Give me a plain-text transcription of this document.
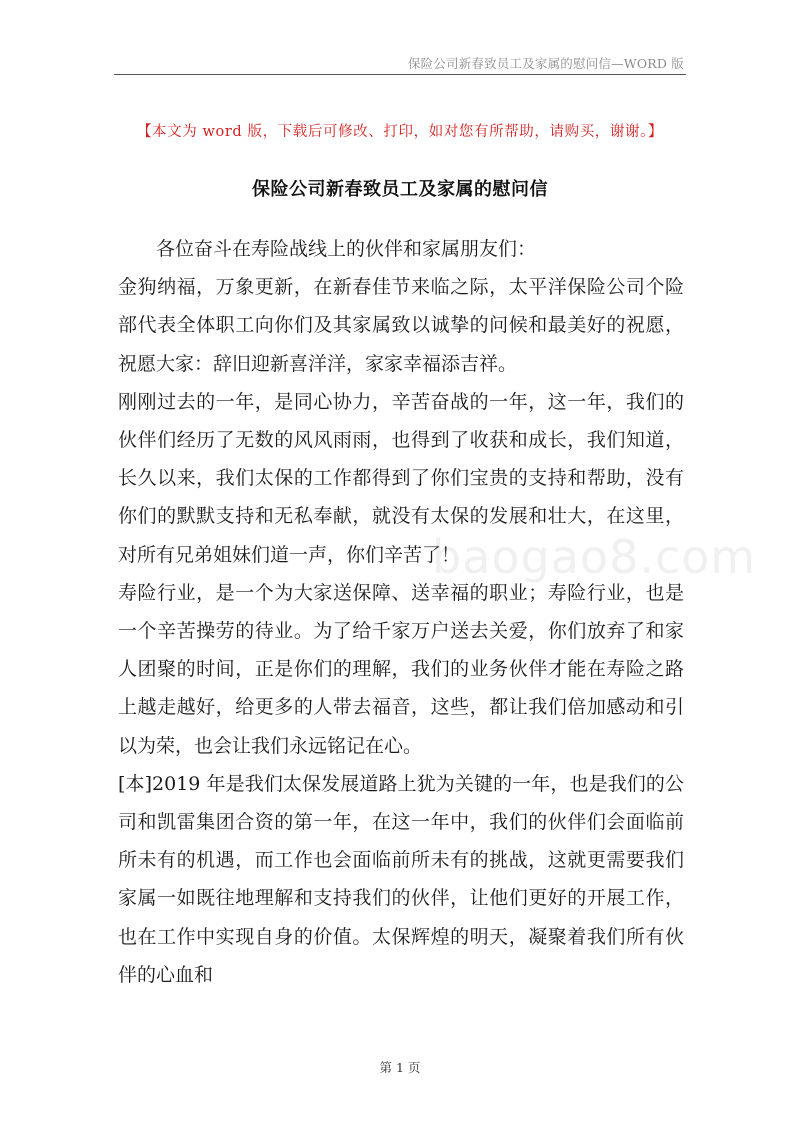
保险公司新春致员工及家属的慰问信—WORD 版
【本文为 word 版，下载后可修改、打印，如对您有所帮助，请购买，谢谢。】
保险公司新春致员工及家属的慰问信

各位奋斗在寿险战线上的伙伴和家属朋友们：

金狗纳福，万象更新，在新春佳节来临之际，太平洋保险公司个险部代表全体职工向你们及其家属致以诚挚的问候和最美好的祝愿，祝愿大家：辞旧迎新喜洋洋，家家幸福添吉祥。

刚刚过去的一年，是同心协力，辛苦奋战的一年，这一年，我们的伙伴们经历了无数的风风雨雨，也得到了收获和成长，我们知道，长久以来，我们太保的工作都得到了你们宝贵的支持和帮助，没有你们的默默支持和无私奉献，就没有太保的发展和壮大，在这里，对所有兄弟姐妹们道一声，你们辛苦了！

寿险行业，是一个为大家送保障、送幸福的职业；寿险行业，也是一个辛苦操劳的待业。为了给千家万户送去关爱，你们放弃了和家人团聚的时间，正是你们的理解，我们的业务伙伴才能在寿险之路上越走越好，给更多的人带去福音，这些，都让我们倍加感动和引以为荣，也会让我们永远铭记在心。

[本]2019 年是我们太保发展道路上犹为关键的一年，也是我们的公司和凯雷集团合资的第一年，在这一年中，我们的伙伴们会面临前所未有的机遇，而工作也会面临前所未有的挑战，这就更需要我们家属一如既往地理解和支持我们的伙伴，让他们更好的开展工作，也在工作中实现自身的价值。太保辉煌的明天，凝聚着我们所有伙伴的心血和

baogao8.com
第 1 页
